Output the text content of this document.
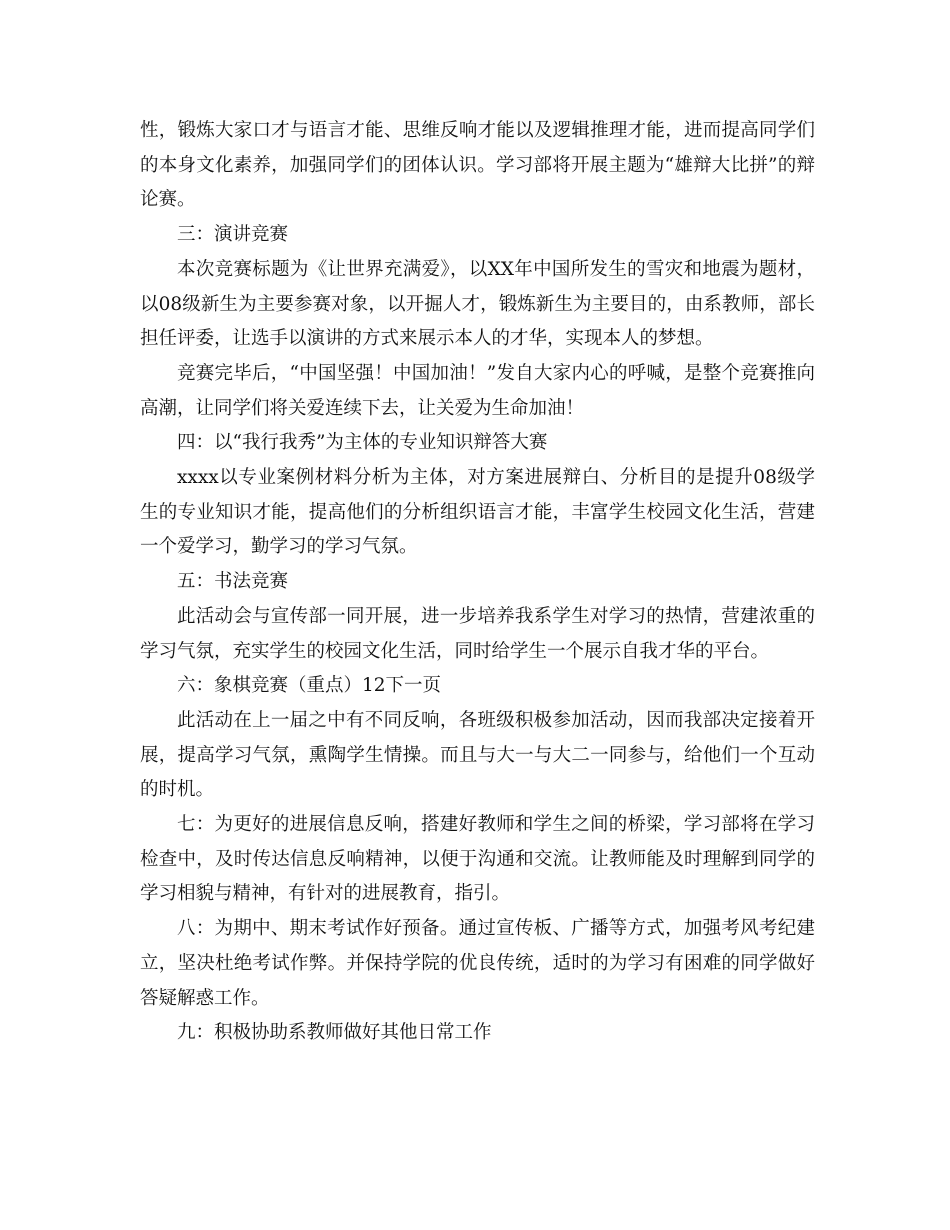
性，锻炼大家口才与语言才能、思维反响才能以及逻辑推理才能，进而提高同学们的本身文化素养，加强同学们的团体认识。学习部将开展主题为“雄辩大比拼”的辩论赛。

三：演讲竞赛

本次竞赛标题为《让世界充满爱》，以XX年中国所发生的雪灾和地震为题材，以08级新生为主要参赛对象，以开掘人才，锻炼新生为主要目的，由系教师，部长担任评委，让选手以演讲的方式来展示本人的才华，实现本人的梦想。

竞赛完毕后，“中国坚强！中国加油！”发自大家内心的呼喊，是整个竞赛推向高潮，让同学们将关爱连续下去，让关爱为生命加油！

四：以“我行我秀”为主体的专业知识辩答大赛

xxxx以专业案例材料分析为主体，对方案进展辩白、分析目的是提升08级学生的专业知识才能，提高他们的分析组织语言才能，丰富学生校园文化生活，营建一个爱学习，勤学习的学习气氛。

五：书法竞赛

此活动会与宣传部一同开展，进一步培养我系学生对学习的热情，营建浓重的学习气氛，充实学生的校园文化生活，同时给学生一个展示自我才华的平台。

六：象棋竞赛（重点）12下一页

此活动在上一届之中有不同反响，各班级积极参加活动，因而我部决定接着开展，提高学习气氛，熏陶学生情操。而且与大一与大二一同参与，给他们一个互动的时机。

七：为更好的进展信息反响，搭建好教师和学生之间的桥梁，学习部将在学习检查中，及时传达信息反响精神，以便于沟通和交流。让教师能及时理解到同学的学习相貌与精神，有针对的进展教育，指引。

八：为期中、期末考试作好预备。通过宣传板、广播等方式，加强考风考纪建立，坚决杜绝考试作弊。并保持学院的优良传统，适时的为学习有困难的同学做好答疑解惑工作。

九：积极协助系教师做好其他日常工作
